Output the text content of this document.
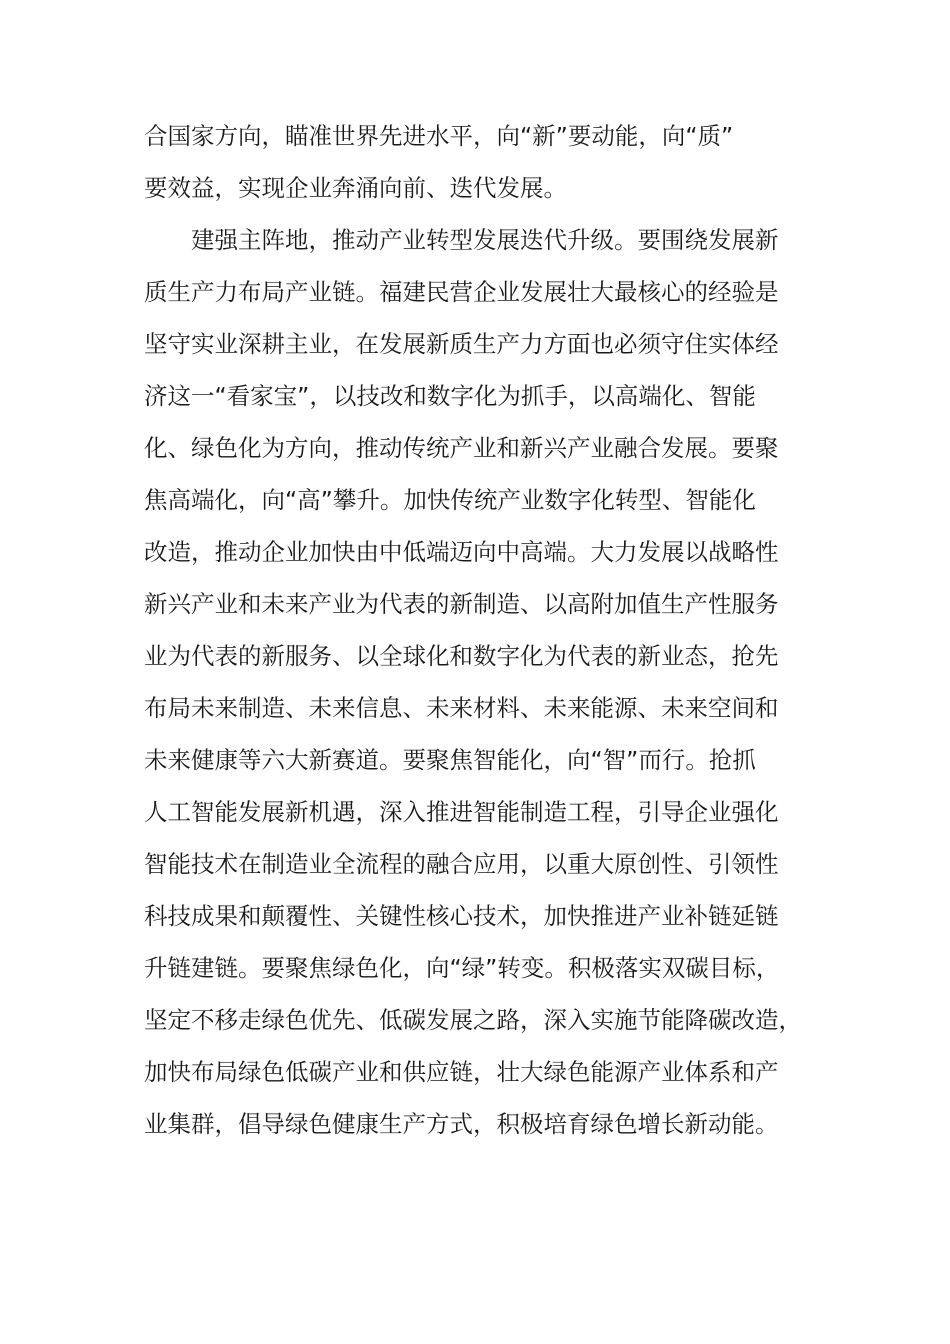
合国家方向，瞄准世界先进水平，向“新”要动能，向“质”
要效益，实现企业奔涌向前、迭代发展。
建强主阵地，推动产业转型发展迭代升级。要围绕发展新
质生产力布局产业链。福建民营企业发展壮大最核心的经验是
坚守实业深耕主业，在发展新质生产力方面也必须守住实体经
济这一“看家宝”，以技改和数字化为抓手，以高端化、智能
化、绿色化为方向，推动传统产业和新兴产业融合发展。要聚
焦高端化，向“高”攀升。加快传统产业数字化转型、智能化
改造，推动企业加快由中低端迈向中高端。大力发展以战略性
新兴产业和未来产业为代表的新制造、以高附加值生产性服务
业为代表的新服务、以全球化和数字化为代表的新业态，抢先
布局未来制造、未来信息、未来材料、未来能源、未来空间和
未来健康等六大新赛道。要聚焦智能化，向“智”而行。抢抓
人工智能发展新机遇，深入推进智能制造工程，引导企业强化
智能技术在制造业全流程的融合应用，以重大原创性、引领性
科技成果和颠覆性、关键性核心技术，加快推进产业补链延链
升链建链。要聚焦绿色化，向“绿”转变。积极落实双碳目标，
坚定不移走绿色优先、低碳发展之路，深入实施节能降碳改造，
加快布局绿色低碳产业和供应链，壮大绿色能源产业体系和产
业集群，倡导绿色健康生产方式，积极培育绿色增长新动能。
